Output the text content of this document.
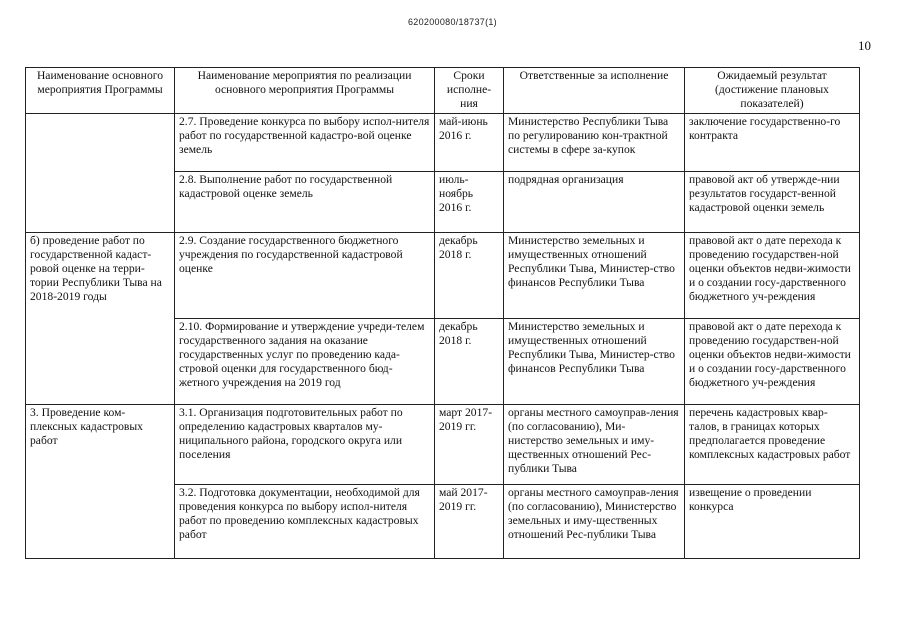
620200080/18737(1)
10
Наименование основного мероприятия Программы	Наименование мероприятия по реализации основного мероприятия Программы	Сроки исполне-ния	Ответственные за исполнение	Ожидаемый результат (достижение плановых показателей)
	2.7. Проведение конкурса по выбору испол-нителя работ по государственной кадастро-вой оценке земель	май-июнь 2016 г.	Министерство Республики Тыва по регулированию кон-трактной системы в сфере за-купок	заключение государственно-го контракта
	2.8. Выполнение работ по государственной кадастровой оценке земель	июль-ноябрь 2016 г.	подрядная организация	правовой акт об утвержде-нии результатов государст-венной кадастровой оценки земель
б) проведение работ по государственной кадаст-ровой оценке на терри-тории Республики Тыва на 2018-2019 годы	2.9. Создание государственного бюджетного учреждения по государственной кадастровой оценке	декабрь 2018 г.	Министерство земельных и имущественных отношений Республики Тыва, Министер-ство финансов Республики Тыва	правовой акт о дате перехода к проведению государствен-ной оценки объектов недви-жимости и о создании госу-дарственного бюджетного уч-реждения
	2.10. Формирование и утверждение учреди-телем государственного задания на оказание государственных услуг по проведению када-стровой оценки для государственного бюд-жетного учреждения на 2019 год	декабрь 2018 г.	Министерство земельных и имущественных отношений Республики Тыва, Министер-ство финансов Республики Тыва	правовой акт о дате перехода к проведению государствен-ной оценки объектов недви-жимости и о создании госу-дарственного бюджетного уч-реждения
3. Проведение ком-плексных кадастровых работ	3.1. Организация подготовительных работ по определению кадастровых кварталов му-ниципального района, городского округа или поселения	март 2017-2019 гг.	органы местного самоуправ-ления (по согласованию), Ми-нистерство земельных и иму-щественных отношений Рес-публики Тыва	перечень кадастровых квар-талов, в границах которых предполагается проведение комплексных кадастровых работ
	3.2. Подготовка документации, необходимой для проведения конкурса по выбору испол-нителя работ по проведению комплексных кадастровых работ	май 2017-2019 гг.	органы местного самоуправ-ления (по согласованию), Министерство земельных и иму-щественных отношений Рес-публики Тыва	извещение о проведении конкурса
